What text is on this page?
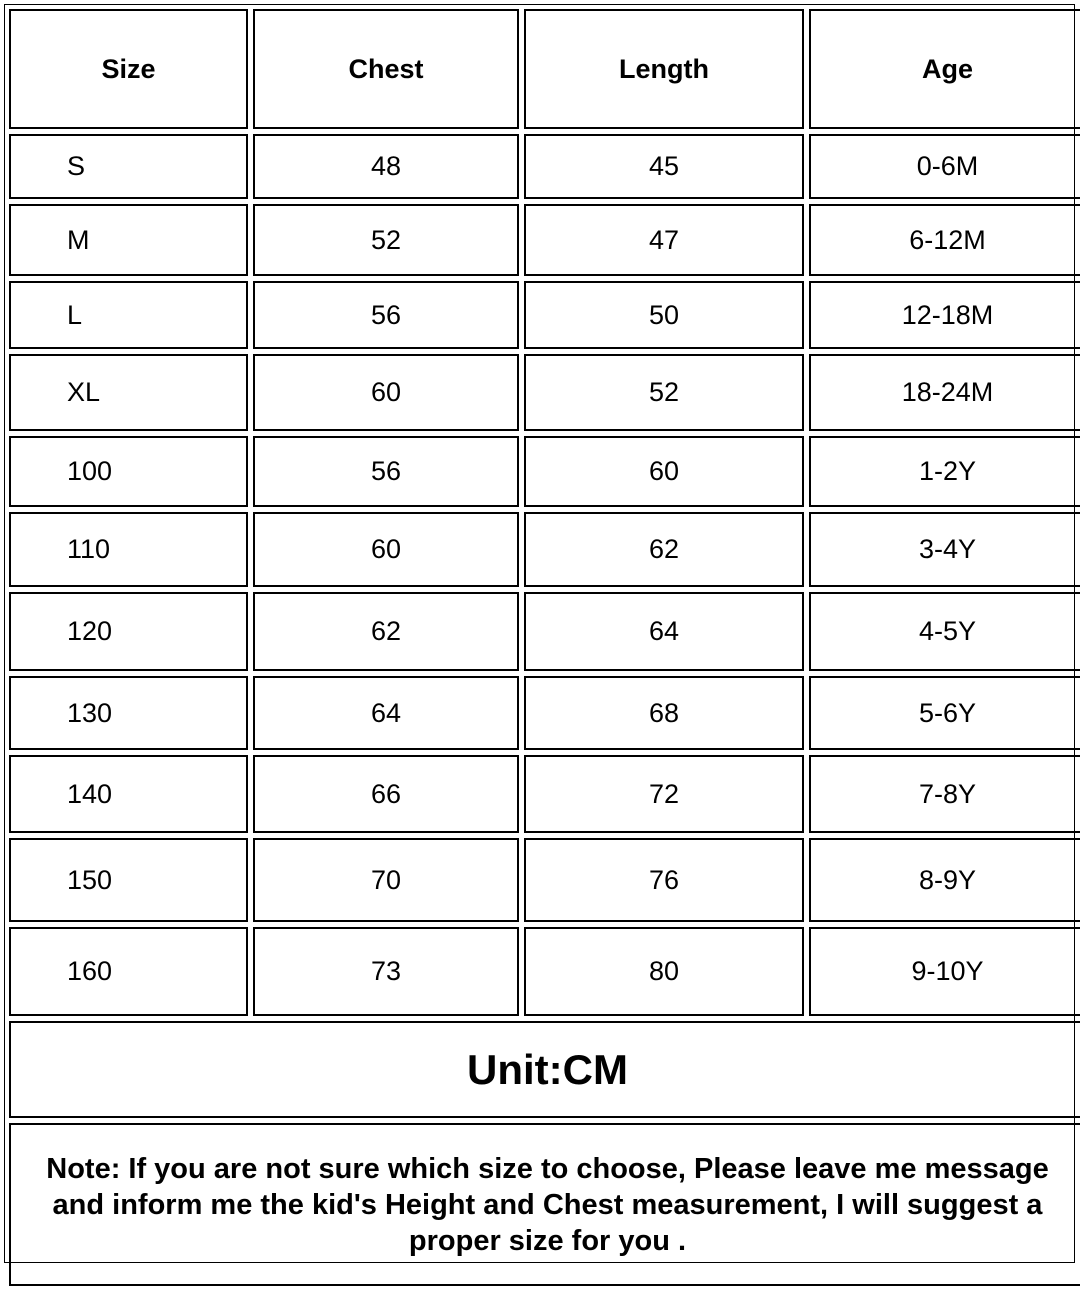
Size	Chest	Length	Age
S	48	45	0-6M
M	52	47	6-12M
L	56	50	12-18M
XL	60	52	18-24M
100	56	60	1-2Y
110	60	62	3-4Y
120	62	64	4-5Y
130	64	68	5-6Y
140	66	72	7-8Y
150	70	76	8-9Y
160	73	80	9-10Y
Unit:CM			
Note: If you are not sure which size to choose, Please leave me message and inform me the kid's Height and Chest measurement, I will suggest a proper size for you .			
